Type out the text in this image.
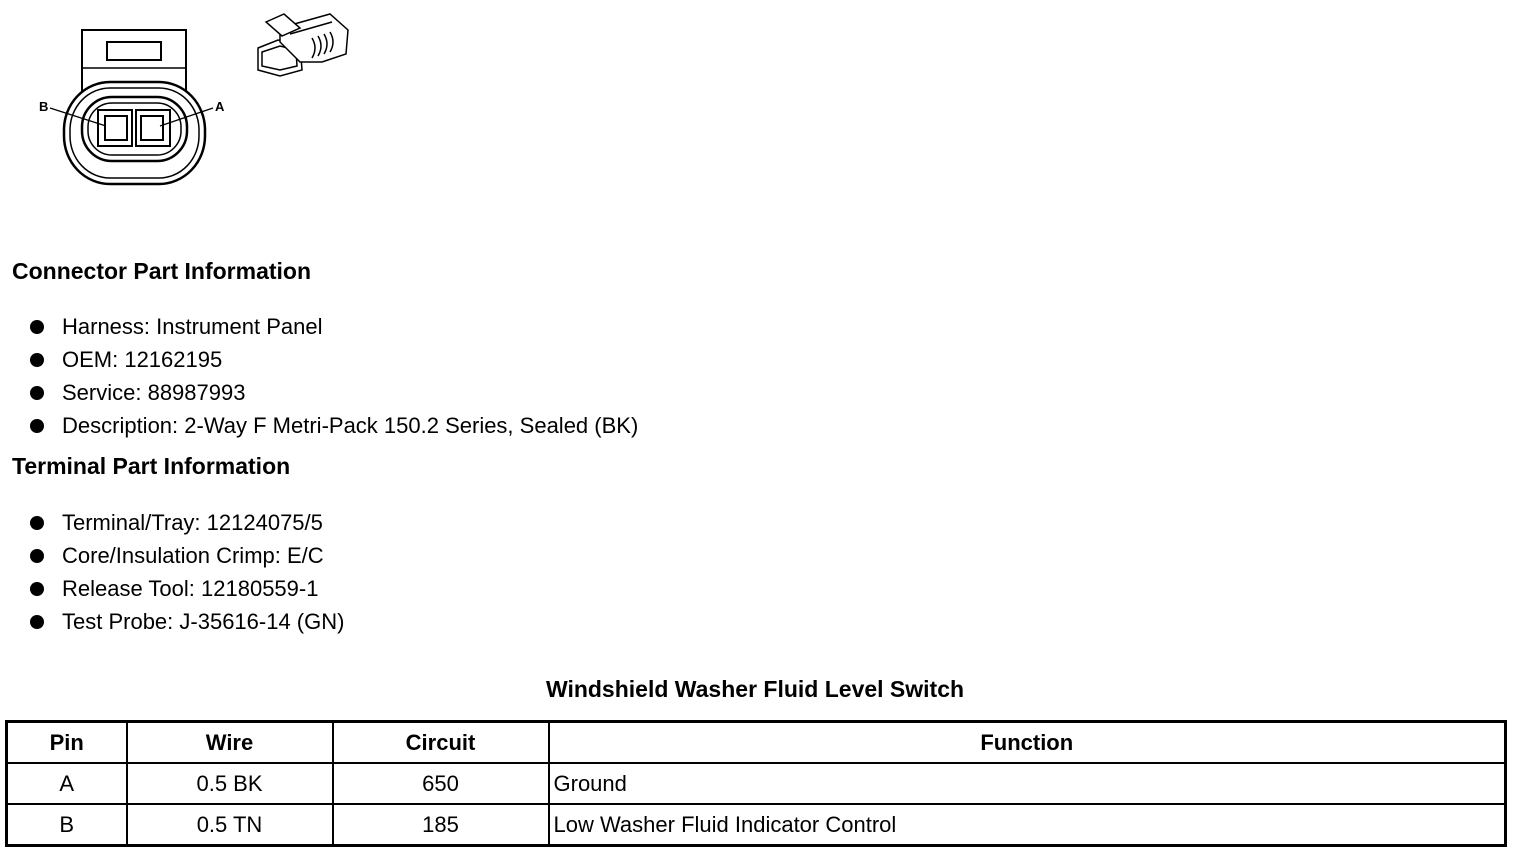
B	A
Connector Part Information
Harness: Instrument Panel
OEM: 12162195
Service: 88987993
Description: 2-Way F Metri-Pack 150.2 Series, Sealed (BK)
Terminal Part Information
Terminal/Tray: 12124075/5
Core/Insulation Crimp: E/C
Release Tool: 12180559-1
Test Probe: J-35616-14 (GN)
Windshield Washer Fluid Level Switch
Pin	Wire	Circuit	Function
A	0.5 BK	650	Ground
B	0.5 TN	185	Low Washer Fluid Indicator Control
